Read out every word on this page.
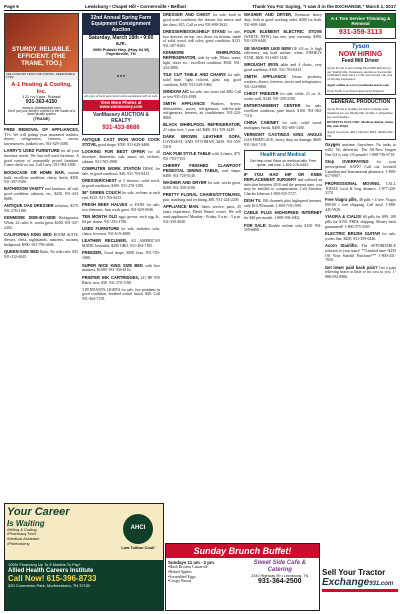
Page 6	Lewisburg • Chapel Hill • Cornersville • Belfast	Thank You For Saying, "I saw it in the EXCHANGE," March 1, 2017
STURDY. RELIABLE. EFFICIENT. (THE TRANE, TOO.)
SEE COMFORT FROM THE STRONG, DEPENDABLE TYPE.
A-1 Heating & Cooling, Inc.
121 Ivy Lane, Pulaski
931-363-4150
www.a-1heatandair.com
Don't put your family's comfort in the hands of a lower quality system
(TRANE)

FREE REMOVAL OF APPLIANCES, TVs, We will pickup your unwanted washers, dryers, refrigerators, freezers, stoves, lawnmowers, junked cars. 931-629-4388.

LARRY'S USED FURNITURE for all your furniture needs. We buy/sell used furniture. A good variety of reasonably priced furniture. Come check us out. Call Larry, 931-982-1800.

BOOKCASE OR HOME BAR, custom built, excellent condition, cherry finish, $350. 931-307-5500.

BATHROOM VANITY and furniture, all oak, good condition, cabinets, etc., $250. 931-433-8686.

ANTIQUE OAK DRESSER w/mirror, $275. 931-276-3180.

KENMORE SIDE-BY-SIDE Refrigerator, White, 22 cubic ft, works great, $200. 931-347-2492.

CALIFORNIA KING BED ROOM SUITE. dresser, chest, nightstands, mattress, curtains, bedspread, $900. 931-796-4404.

QUEEN-SIZE BED Rails, No side rails, $35. 931-212-4045.

32nd Annual Spring Farm Equipment Consignment Auction
Saturday, March 18th • 9:00 a.m.
2050 Pulaski Hwy. (Hwy 64 W) Fayetteville, TN
■ ■ ■
All types of farm and construction equipment will be sold.
View More Photos at www.vanmassey.com
VanMassey AUCTION & REALTY
931-433-8686

ANTIQUE CAST IRON WOOD COOK STOVE, good shape, $700. 931-629-4486.

LOOKING FOR BEST OFFER for all furniture, dinnerette, oak, music set, recliner, cabinet. 931-703-2980.

COMPUTER WORK STATION DESK for sale, in good condition, $30. 931-703-8415.

DRESSER/CHEST of 5 drawers, solid wood, in good condition, $100. 931-270-1180.

36" GREEN COUCH for sale, reclines at each end, $125. 931-703-8415.

FRESH BEEF HALVES or FANS for sale, two elements, fans work great. 931-629-0046.

TEN MONTH OLD eggs grown, each egg 4c, $4 per dozen. 931-293-2786.

USED FURNITURE for sale, includes: sofa, chairs, loveseat. 931-619-4088.

LEATHER RECLINER, All AMERICAN MADE, beautiful, $200 OBO. 931-364-7185.

FREEZER, Good shape, $500 firm. 931-703-1680.

SUPER NICE KING SIZE BED with box mattress, $1000. 931-356-6116.

PRINTER INK CARTRIDGES, (2) HP 950 Black, new, $30. 931-270-1180.

3 PENDANTS LIGHTS for sale, two pendants in good condition, brushed nickel finish, $40. Call 931-364-7118.

DRESSER AND CHEST for sale, both in good used condition, the dresser has mirror and the chest, $15. Call or text 931-698-5633.

DRESSER/BOOKSHELF STAND for sale, two drawers on top, two doors on bottom, made of solid wood, oak color, good condition, $125. 931-307-8265.

KENMORE WHIRLPOOL REFRIGERATOR, side by side, White, water, light, doors etc., excellent condition, $350. 931-434-2890.

TILE CUT TABLE AND CHAIRS for sale, solid base, light colored, glass top, good condition, $200. 931-629-1060.

WINDOW A/C for sale, two years old, $80. Call or text 931-433-3588.

SMITH APPLIANCE Washers, dryers, dishwashers, stoves, refrigerators, side-by-side refrigerators, freezers, air conditioners. 931-224-8800.

BLACK WHIRLPOOL REFRIGERATOR, 21 cubic feet, 1 year old, $600. 931-359-2249.

DARK BROWN LEATHER SOFA, LOVESEAT, AND OTTOMAN, $250. 931-359-5418.

OAK PUB STYLE TABLE with 4 chairs, $75. 931-703-7155.

CHERRY FINISHED CLAWFOOT PEDESTAL DINING TABLE, oval shape, $400. 931-729-5140.

WASHER AND DRYER for sale, works great, $200. 931-359-2180.

PRETTY FLORAL CHAIRS/OTTOMANS, pair, matching and reclining, $85. 931-224-2209.

APPLIANCE MAN: Sales, service, parts, 25 years experience, David Beard, owner. We sell used appliances! Monday - Friday, 9 a.m. - 5 p.m. 931-359-4040.

WASHER AND DRYER, Kenmore heavy duty, both in good working order, $200 for both. 931-698-1460.

FOUR ELEMENT ELECTRIC STOVE (WHITE, NEW), has one, year warranty, $300. 931-359-6440.

GE WASHER LIKE NEW GE 4.8 cu. ft. high efficiency, top load washer, white, ENERGY STAR, $400. 931-685-1430.

WROUGHT IRON table and 4 chairs, very good condition, $100. 931-703-8415.

SMITH APPLIANCE Ozone products, washers, dryers, freezers, stoves and refrigerators. 931-224-8800.

CHEST FREEZER for sale, white, 21 cu. ft., works well, $140. 931-359-2180.

ENTERTAINMENT CENTER for sale, excellent condition, pine finish, $100. 931-364-7118.

CHINA CABINET for sale, solid wood, mahogany finish, $400. 931-685-1430.

VERMONT CASTINGS KING ANGUS GAS FIREPLACE, heavy duty, no damage, $600. 931-364-7118.

Health and Medical
Get help now! Save on medical bills. Free quote, call now. 1-800-276-0452.

IF YOU HAD HIP OR KNEE REPLACEMENT SURGERY and suffered an infection between 2010 and the present time, you may be entitled to compensation. Call Attorney Charles Johnson 1-800-535-5727.

DISH TV. 190 channels plus highspeed internet, only $14.95/month. 1-800-718-1599.

CABLE PLUS HIGHSPEED INTERNET for $40 per month. 1-800-358-4002.

FOR SALE: Double recliner sofa, $150. 931-359-6800.

A-1 Tree Service Trimming & Removal
931-359-3113
Tyson
NOW HIRING
Feed Mill Driver
Tyson Foods is now hiring Feed Mill Drivers for our Shelbyville, Tennessee operation. Successful candidates must have a CDL and at least one year of driving experience.
Apply online at www.tysonfoodscareers.com
Tyson Foods is an Equal Opportunity Employer
GENERAL PRODUCTION
Tyson Foods is looking for hard-working team members for our Shelbyville facility. Competitive pay and benefits.
BENEFITS INCLUDE: Medical, dental, vision, life, and 401(k)
Apply in person: 409 Colloredo Blvd. Shelbyville, TN

Oxygen anytime. Anywhere. No tanks to refill. No deliveries. The All-New Inogen One G4 is only 2.8 pounds! 1-888-736-6718.

Stop OVERPAYING for your prescriptions! SAVE! Call our licensed Canadian and International pharmacy. 1-800-617-0907.

PROFESSIONAL MOVING, CALL TODAY, local & long distance. 1-877-430-3170.

Free Viagra pills, 48 pills + 4 free. Viagra $99.00 + free shipping. Call now! 1-888-445-5928.

VIAGRA & CIALIS! 60 pills for $99. 100 pills for $150. FREE shipping. Money back guaranteed! 1-800-375-3305.

ELECTRIC BRUSH GUITAR for sale, works fine, $200. 931-359-6440.

Acorn Stairlifts. The AFFORDABLE solution to your stairs! **Limited time -$250 Off Your Stairlift Purchase!** 1-800-431-7650.

Get lower paid back pain? Get a pain relieving brace at little or no cost to you. 1-888-592-0906.

Your Career
Is Waiting
• Billing & Coding
• Pharmacy Tech
• Medical Assistant
• Phlebotomy
AHCI
Low Tuition Cost!
100% Financing Up To 9 Months To Pay*
Allied Health Careers Institute
Call Now! 615-396-8733
220 Commerce Park, Murfreesboro, TN 37130
Sunday Brunch Buffet!
Sundays 11 am - 2 pm
• Hash Browns Casserole
• Baked Apples
• Scrambled Eggs
• Crispy Bacon
Sweet Side Cafe & Catering
2340 Highway 99 • Lewisburg, TN
931-364-2500
Sell Your Tractor
Exchange931.com
